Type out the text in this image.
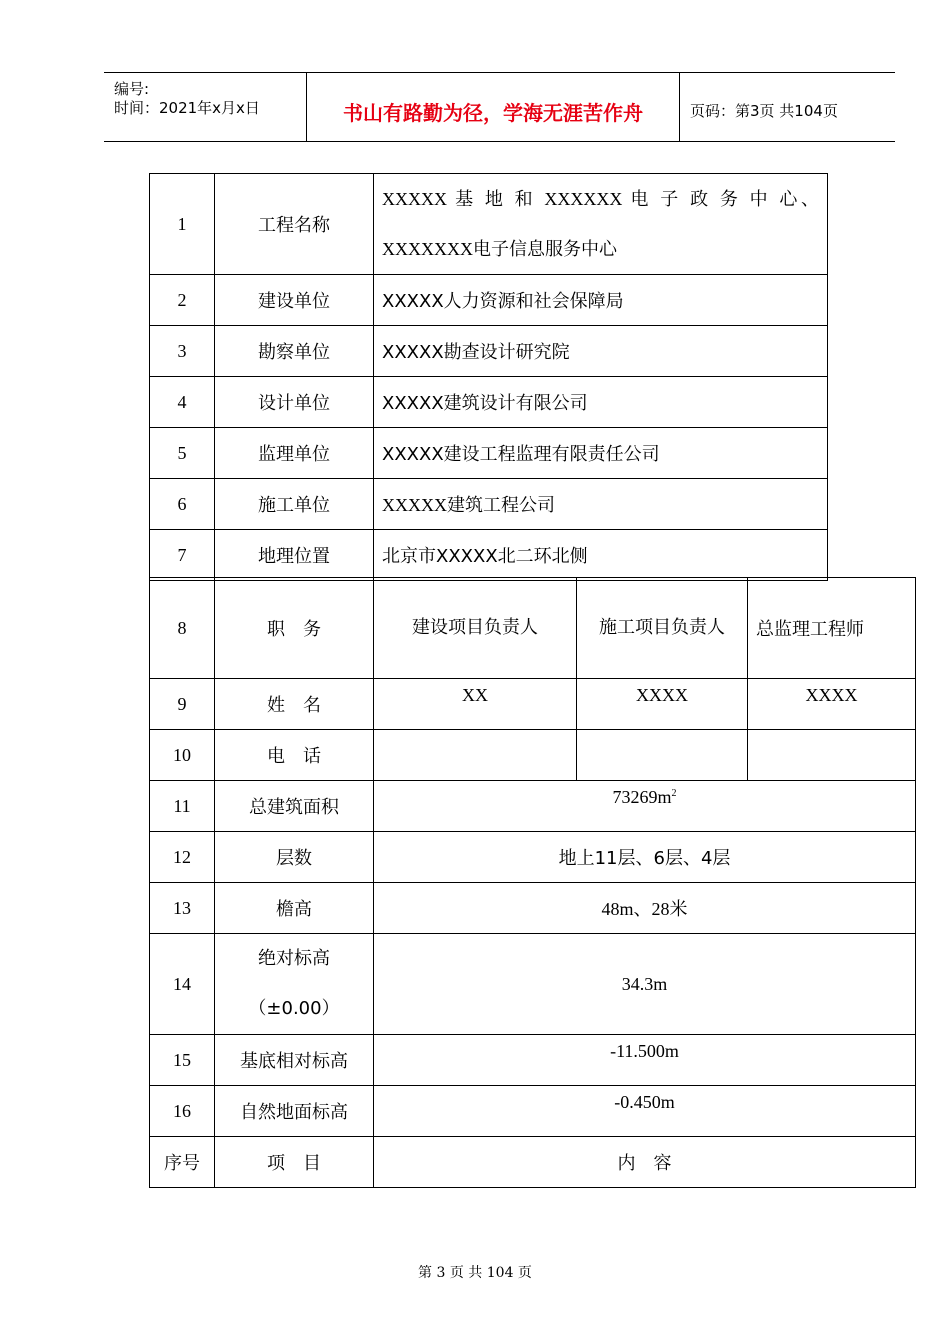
编号:
时间：2021年x月x日	书山有路勤为径，学海无涯苦作舟	页码：第3页 共104页
1	工程名称	XXXXX 基 地 和 XXXXXX 电 子 政 务 中 心、XXXXXXX电子信息服务中心
2	建设单位	XXXXX人力资源和社会保障局
3	勘察单位	XXXXX勘查设计研究院
4	设计单位	XXXXX建筑设计有限公司
5	监理单位	XXXXX建设工程监理有限责任公司
6	施工单位	XXXXX建筑工程公司
7	地理位置	北京市XXXXX北二环北侧
8	职　务	建设项目负责人	施工项目负责人	总监理工程师
9	姓　名	XX	XXXX	XXXX
10	电　话			
11	总建筑面积	$73269m^2$
12	层数	地上11层、6层、4层		
13	檐高	48m、28米		
14	绝对标高（±0.00）	34.3m		
15	基底相对标高	-11.500m		
16	自然地面标高	-0.450m		
序号	项　目	内　容		
第 3 页 共 104 页
